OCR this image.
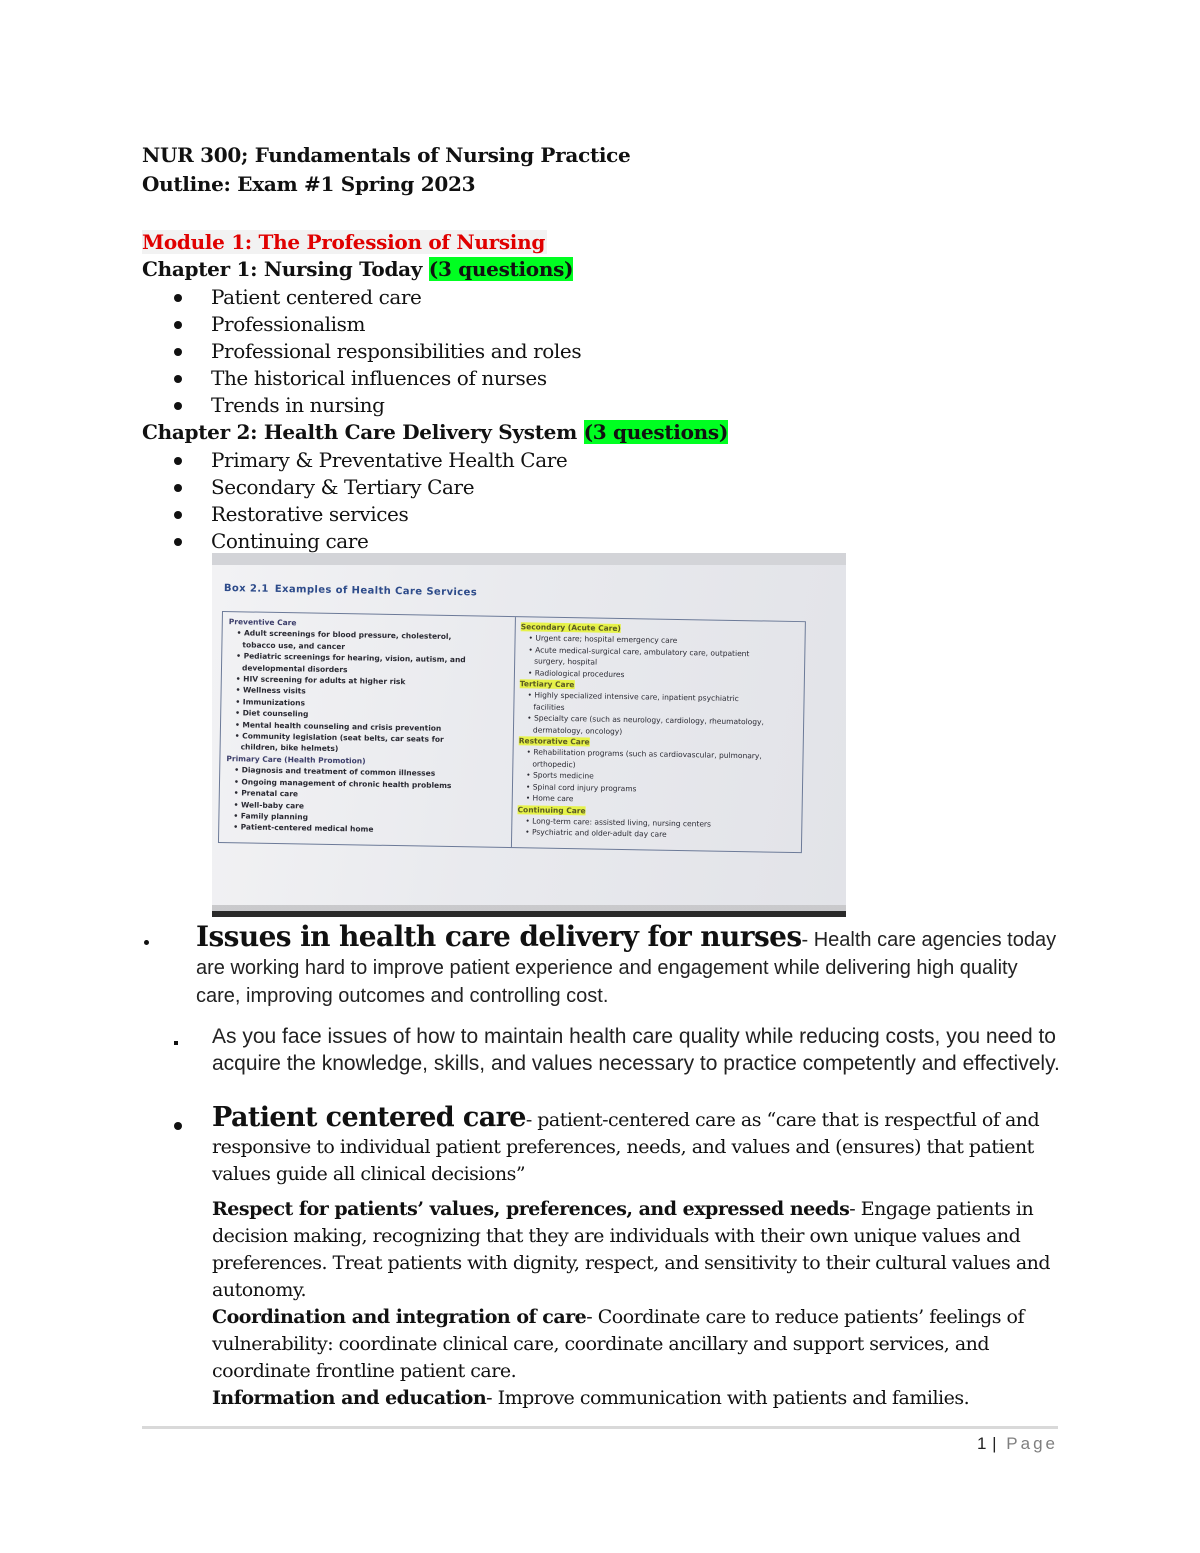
NUR 300; Fundamentals of Nursing Practice
Outline: Exam #1 Spring 2023
Module 1: The Profession of Nursing
Chapter 1: Nursing Today (3 questions)
Patient centered care
Professionalism
Professional responsibilities and roles
The historical influences of nurses
Trends in nursing
Chapter 2: Health Care Delivery System (3 questions)
Primary & Preventative Health Care
Secondary & Tertiary Care
Restorative services
Continuing care
Box 2.1 Examples of Health Care Services
Preventive Care
• Adult screenings for blood pressure, cholesterol,
tobacco use, and cancer
• Pediatric screenings for hearing, vision, autism, and
developmental disorders
• HIV screening for adults at higher risk
• Wellness visits
• Immunizations
• Diet counseling
• Mental health counseling and crisis prevention
• Community legislation (seat belts, car seats for
children, bike helmets)
Primary Care (Health Promotion)
• Diagnosis and treatment of common illnesses
• Ongoing management of chronic health problems
• Prenatal care
• Well-baby care
• Family planning
• Patient-centered medical home
Secondary (Acute Care)
• Urgent care; hospital emergency care
• Acute medical-surgical care, ambulatory care, outpatient
surgery, hospital
• Radiological procedures
Tertiary Care
• Highly specialized intensive care, inpatient psychiatric
facilities
• Specialty care (such as neurology, cardiology, rheumatology,
dermatology, oncology)
Restorative Care
• Rehabilitation programs (such as cardiovascular, pulmonary,
orthopedic)
• Sports medicine
• Spinal cord injury programs
• Home care
Continuing Care
• Long-term care: assisted living, nursing centers
• Psychiatric and older-adult day care
Issues in health care delivery for nurses- Health care agencies today are working hard to improve patient experience and engagement while delivering high quality care, improving outcomes and controlling cost.
As you face issues of how to maintain health care quality while reducing costs, you need to acquire the knowledge, skills, and values necessary to practice competently and effectively.
Patient centered care- patient-centered care as “care that is respectful of and responsive to individual patient preferences, needs, and values and (ensures) that patient values guide all clinical decisions”
Respect for patients’ values, preferences, and expressed needs- Engage patients in decision making, recognizing that they are individuals with their own unique values and preferences. Treat patients with dignity, respect, and sensitivity to their cultural values and autonomy.
Coordination and integration of care- Coordinate care to reduce patients’ feelings of vulnerability: coordinate clinical care, coordinate ancillary and support services, and coordinate frontline patient care.
Information and education- Improve communication with patients and families.
1 | Page
